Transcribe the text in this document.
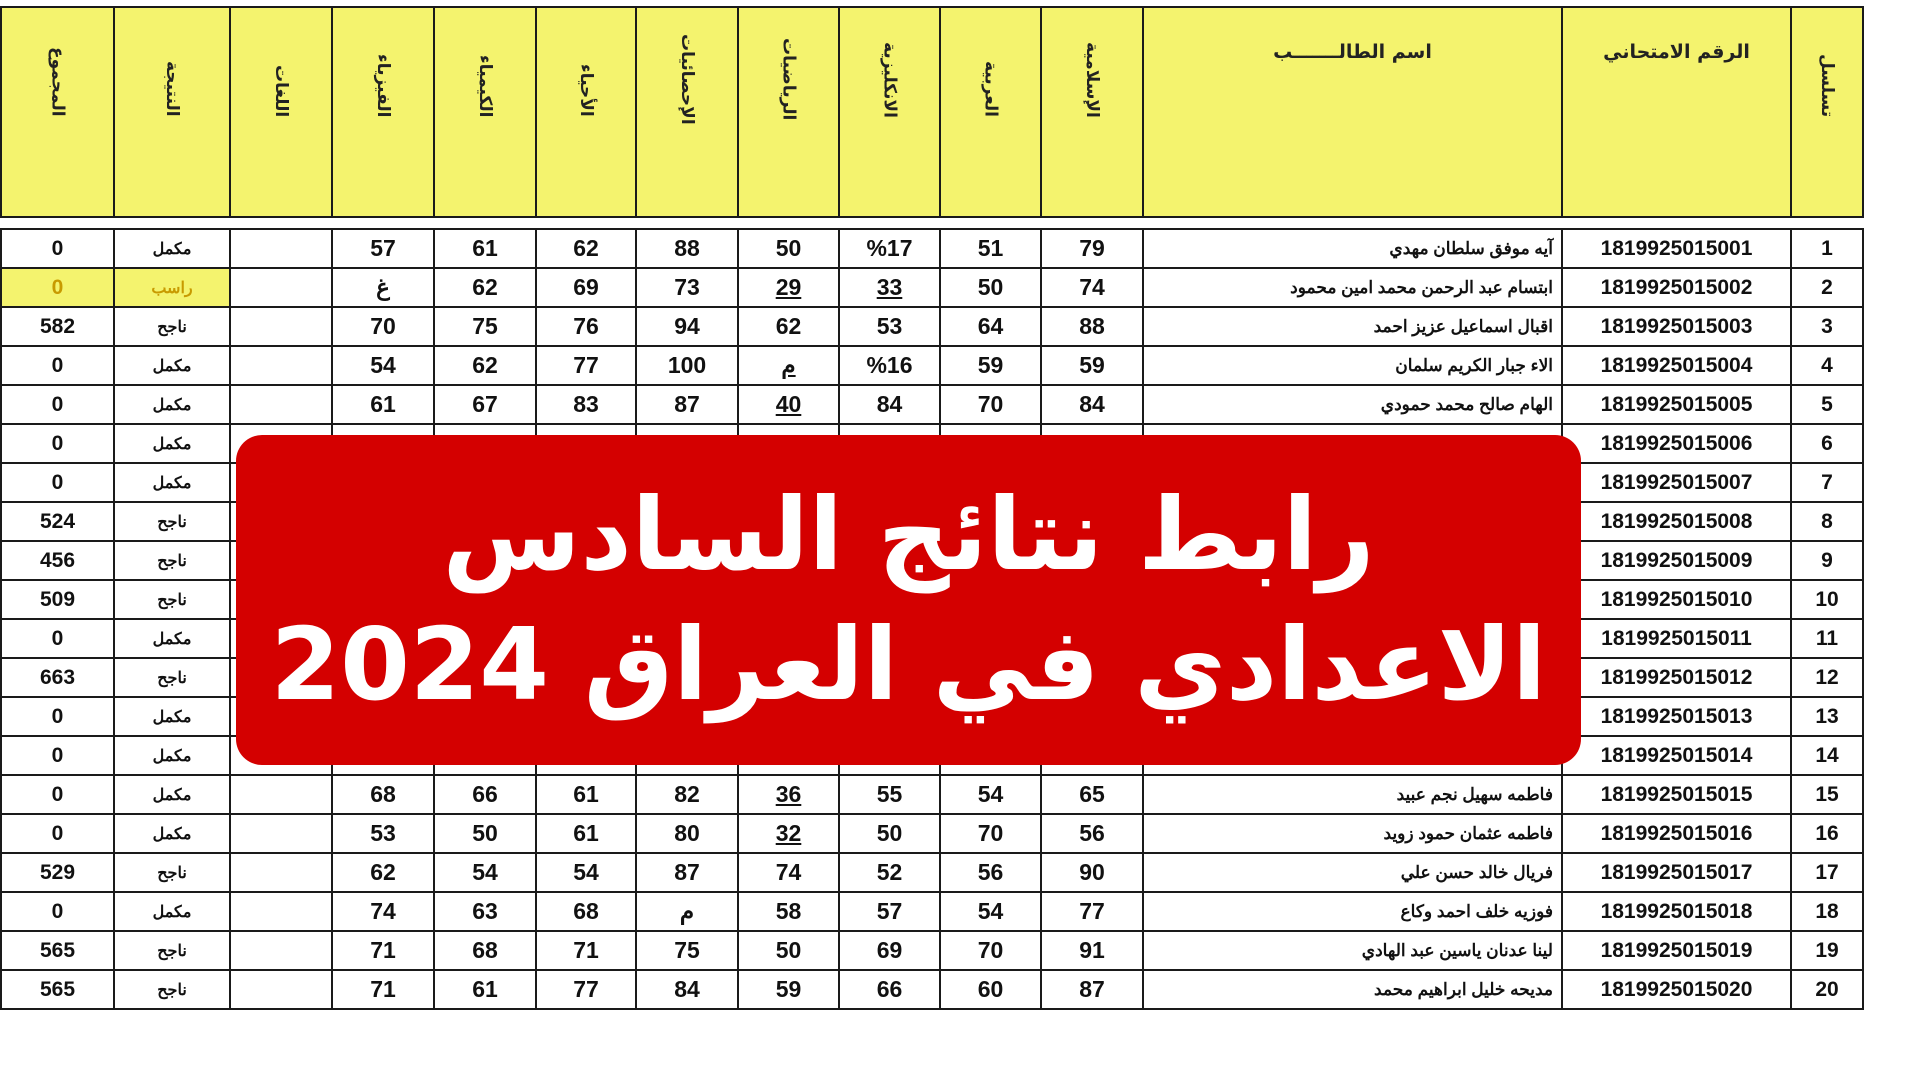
المجموع	النتيجة	اللغات	الفيزياء	الكيمياء	الأحياء	الإحصائيات	الرياضيات	الانكليزية	العربية	الإسلامية	اسم الطالـــــــب	الرقم الامتحاني	تسلسل

0	مكمل		57	61	62	88	50	%17	51	79	آيه موفق سلطان مهدي	1819925015001	1
0	راسب		غ	62	69	73	29	33	50	74	ابتسام عبد الرحمن محمد امين محمود	1819925015002	2
582	ناجح		70	75	76	94	62	53	64	88	اقبال اسماعيل عزيز احمد	1819925015003	3
0	مكمل		54	62	77	100	م	%16	59	59	الاء جبار الكريم سلمان	1819925015004	4
0	مكمل		61	67	83	87	40	84	70	84	الهام صالح محمد حمودي	1819925015005	5
0	مكمل											1819925015006	6
0	مكمل											1819925015007	7
524	ناجح											1819925015008	8
456	ناجح											1819925015009	9
509	ناجح											1819925015010	10
0	مكمل											1819925015011	11
663	ناجح											1819925015012	12
0	مكمل											1819925015013	13
0	مكمل											1819925015014	14
0	مكمل		68	66	61	82	36	55	54	65	فاطمه سهيل نجم عبيد	1819925015015	15
0	مكمل		53	50	61	80	32	50	70	56	فاطمه عثمان حمود زويد	1819925015016	16
529	ناجح		62	54	54	87	74	52	56	90	فريال خالد حسن علي	1819925015017	17
0	مكمل		74	63	68	م	58	57	54	77	فوزيه خلف احمد وكاع	1819925015018	18
565	ناجح		71	68	71	75	50	69	70	91	لينا عدنان ياسين عبد الهادي	1819925015019	19
565	ناجح		71	61	77	84	59	66	60	87	مديحه خليل ابراهيم محمد	1819925015020	20
رابط نتائج السادس
الاعدادي في العراق 2024
